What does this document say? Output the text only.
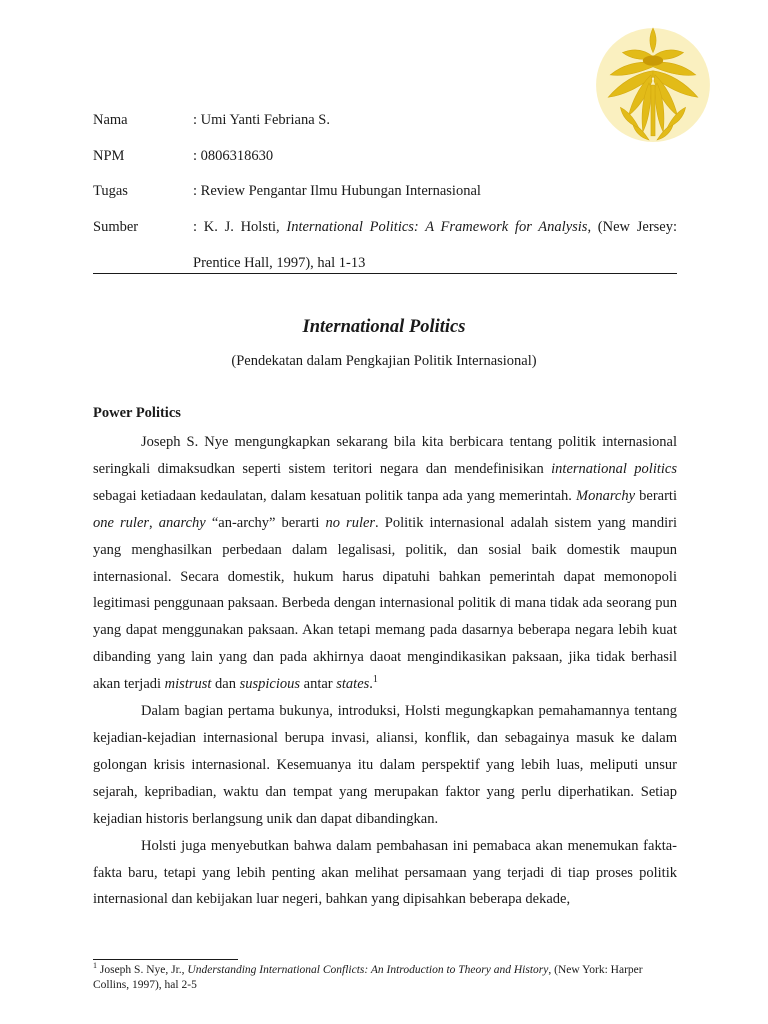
Nama	: Umi Yanti Febriana S.
NPM	: 0806318630
Tugas	: Review Pengantar Ilmu Hubungan Internasional
Sumber	: K. J. Holsti, International Politics: A Framework for Analysis, (New Jersey: Prentice Hall, 1997), hal 1-13
International Politics
(Pendekatan dalam Pengkajian Politik Internasional)
Power Politics

Joseph S. Nye mengungkapkan sekarang bila kita berbicara tentang politik internasional seringkali dimaksudkan seperti sistem teritori negara dan mendefinisikan international politics sebagai ketiadaan kedaulatan, dalam kesatuan politik tanpa ada yang memerintah. Monarchy berarti one ruler, anarchy “an-archy” berarti no ruler. Politik internasional adalah sistem yang mandiri yang menghasilkan perbedaan dalam legalisasi, politik, dan sosial baik domestik maupun internasional. Secara domestik, hukum harus dipatuhi bahkan pemerintah dapat memonopoli legitimasi penggunaan paksaan. Berbeda dengan internasional politik di mana tidak ada seorang pun yang dapat menggunakan paksaan. Akan tetapi memang pada dasarnya beberapa negara lebih kuat dibanding yang lain yang dan pada akhirnya daoat mengindikasikan paksaan, jika tidak berhasil akan terjadi mistrust dan suspicious antar states.$^1$

Dalam bagian pertama bukunya, introduksi, Holsti megungkapkan pemahamannya tentang kejadian-kejadian internasional berupa invasi, aliansi, konflik, dan sebagainya masuk ke dalam golongan krisis internasional. Kesemuanya itu dalam perspektif yang lebih luas, meliputi unsur sejarah, kepribadian, waktu dan tempat yang merupakan faktor yang perlu diperhatikan. Setiap kejadian historis berlangsung unik dan dapat dibandingkan.

Holsti juga menyebutkan bahwa dalam pembahasan ini pemabaca akan menemukan fakta-fakta baru, tetapi yang lebih penting akan melihat persamaan yang terjadi di tiap proses politik internasional dan kebijakan luar negeri, bahkan yang dipisahkan beberapa dekade,

$^1$ Joseph S. Nye, Jr., Understanding International Conflicts: An Introduction to Theory and History, (New York: Harper Collins, 1997), hal 2-5
